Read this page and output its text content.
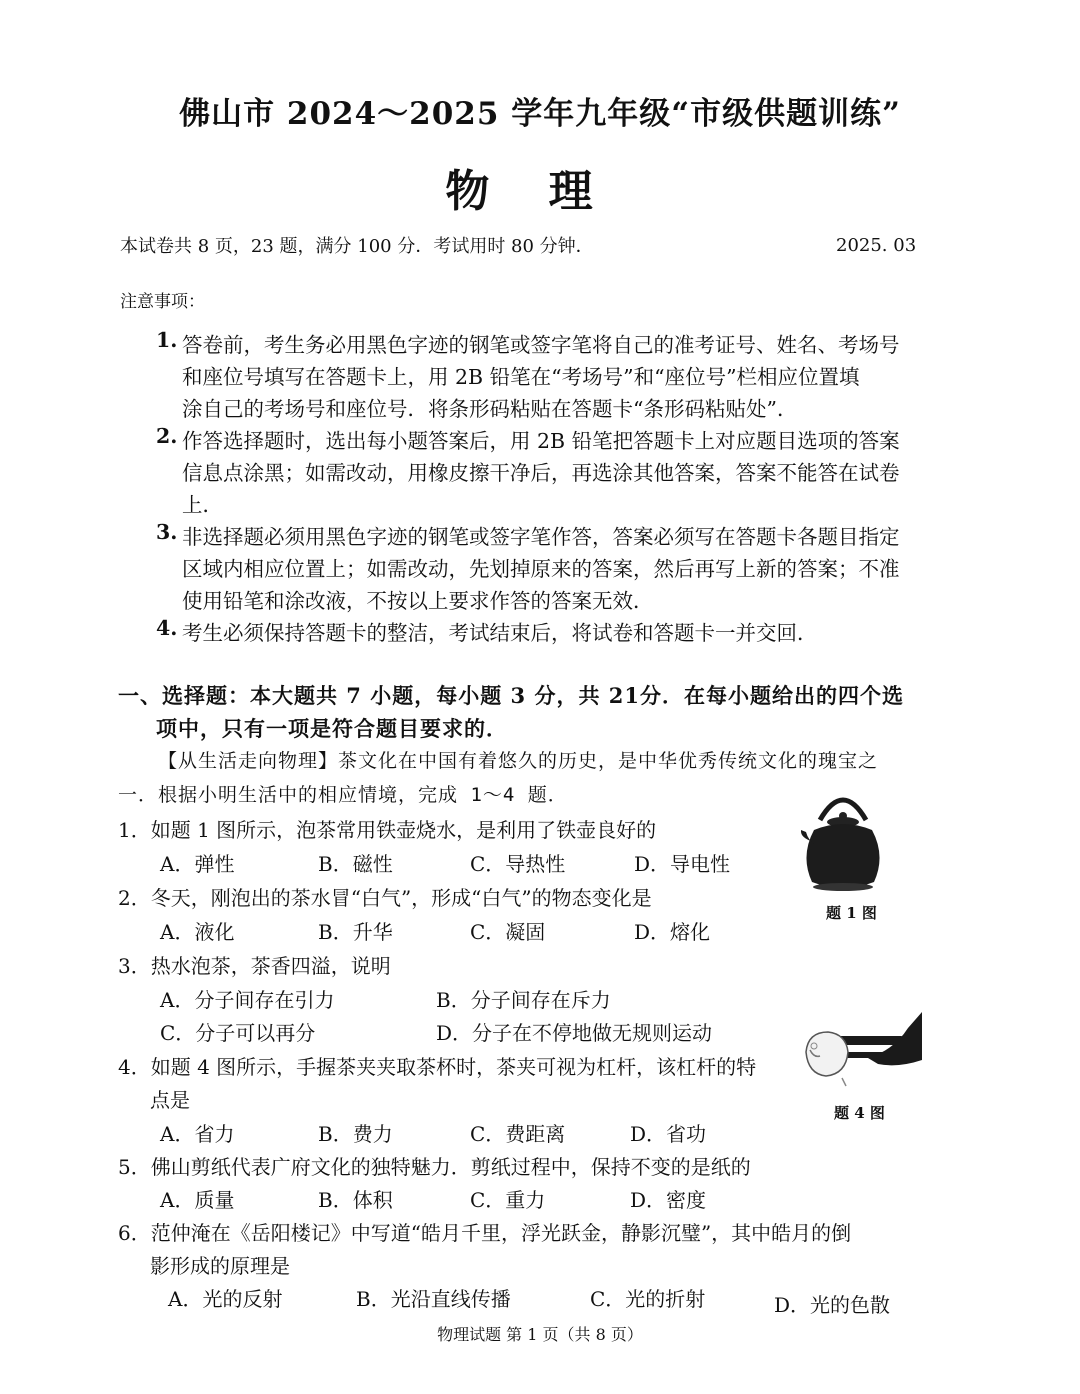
佛山市 2024～2025 学年九年级“市级供题训练”
物 理
本试卷共 8 页，23 题，满分 100 分．考试用时 80 分钟．	2025. 03
注意事项：
1. 答卷前，考生务必用黑色字迹的钢笔或签字笔将自己的准考证号、姓名、考场号
和座位号填写在答题卡上，用 2B 铅笔在“考场号”和“座位号”栏相应位置填
涂自己的考场号和座位号．将条形码粘贴在答题卡“条形码粘贴处”．
2. 作答选择题时，选出每小题答案后，用 2B 铅笔把答题卡上对应题目选项的答案
信息点涂黑；如需改动，用橡皮擦干净后，再选涂其他答案，答案不能答在试卷
上．
3. 非选择题必须用黑色字迹的钢笔或签字笔作答，答案必须写在答题卡各题目指定
区域内相应位置上；如需改动，先划掉原来的答案，然后再写上新的答案；不准
使用铅笔和涂改液，不按以上要求作答的答案无效．
4. 考生必须保持答题卡的整洁，考试结束后，将试卷和答题卡一并交回．
一、选择题：本大题共 7 小题，每小题 3 分，共 21分．在每小题给出的四个选
项中，只有一项是符合题目要求的．
【从生活走向物理】茶文化在中国有着悠久的历史，是中华优秀传统文化的瑰宝之
一．根据小明生活中的相应情境，完成 1～4 题．
1．如题 1 图所示，泡茶常用铁壶烧水，是利用了铁壶良好的
A．弹性	B．磁性	C．导热性	D．导电性
2．冬天，刚泡出的茶水冒“白气”，形成“白气”的物态变化是
A．液化	B．升华	C．凝固	D．熔化
3．热水泡茶，茶香四溢，说明
A．分子间存在引力	B．分子间存在斥力
C．分子可以再分	D．分子在不停地做无规则运动
4．如题 4 图所示，手握茶夹夹取茶杯时，茶夹可视为杠杆，该杠杆的特
点是
A．省力	B．费力	C．费距离	D．省功
5．佛山剪纸代表广府文化的独特魅力．剪纸过程中，保持不变的是纸的
A．质量	B．体积	C．重力	D．密度
6．范仲淹在《岳阳楼记》中写道“皓月千里，浮光跃金，静影沉璧”，其中皓月的倒
影形成的原理是
A．光的反射	B．光沿直线传播	C．光的折射	D．光的色散
题 1 图
题 4 图
物理试题 第 1 页（共 8 页）
